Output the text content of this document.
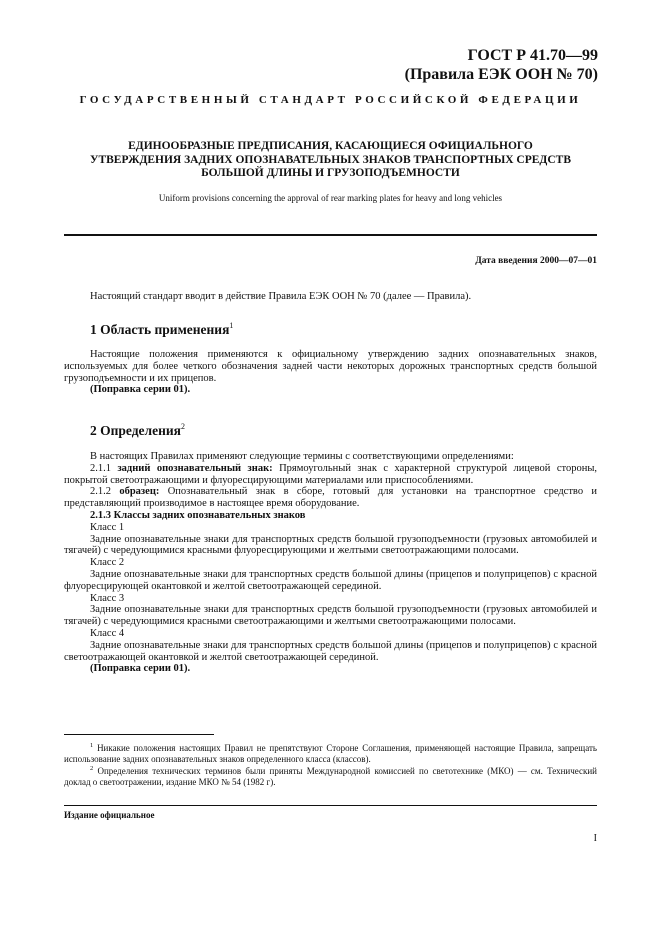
ГОСТ Р 41.70—99
(Правила ЕЭК ООН № 70)
ГОСУДАРСТВЕННЫЙ СТАНДАРТ РОССИЙСКОЙ ФЕДЕРАЦИИ
ЕДИНООБРАЗНЫЕ ПРЕДПИСАНИЯ, КАСАЮЩИЕСЯ ОФИЦИАЛЬНОГО
УТВЕРЖДЕНИЯ ЗАДНИХ ОПОЗНАВАТЕЛЬНЫХ ЗНАКОВ ТРАНСПОРТНЫХ СРЕДСТВ
БОЛЬШОЙ ДЛИНЫ И ГРУЗОПОДЪЕМНОСТИ
Uniform provisions concerning the approval of rear marking plates for heavy and long vehicles
Дата введения 2000—07—01

Настоящий стандарт вводит в действие Правила ЕЭК ООН № 70 (далее — Правила).

1 Область применения$^1$

Настоящие положения применяются к официальному утверждению задних опознавательных знаков, используемых для более четкого обозначения задней части некоторых дорожных транспортных средств большой грузоподъемности и их прицепов.

(Поправка серии 01).

2 Определения$^2$

В настоящих Правилах применяют следующие термины с соответствующими определениями:

2.1.1 задний опознавательный знак: Прямоугольный знак с характерной структурой лицевой стороны, покрытой светоотражающими и флуоресцирующими материалами или приспособлениями.

2.1.2 образец: Опознавательный знак в сборе, готовый для установки на транспортное средство и представляющий производимое в настоящее время оборудование.

2.1.3 Классы задних опознавательных знаков

Класс 1

Задние опознавательные знаки для транспортных средств большой грузоподъемности (грузовых автомобилей и тягачей) с чередующимися красными флуоресцирующими и желтыми светоотражающими полосами.

Класс 2

Задние опознавательные знаки для транспортных средств большой длины (прицепов и полуприцепов) с красной флуоресцирующей окантовкой и желтой светоотражающей серединой.

Класс 3

Задние опознавательные знаки для транспортных средств большой грузоподъемности (грузовых автомобилей и тягачей) с чередующимися красными светоотражающими и желтыми светоотражающими полосами.

Класс 4

Задние опознавательные знаки для транспортных средств большой длины (прицепов и полуприцепов) с красной светоотражающей окантовкой и желтой светоотражающей серединой.

(Поправка серии 01).

$^1$ Никакие положения настоящих Правил не препятствуют Стороне Соглашения, применяющей настоящие Правила, запрещать использование задних опознавательных знаков определенного класса (классов).

$^2$ Определения технических терминов были приняты Международной комиссией по светотехнике (МКО) — см. Технический доклад о светоотражении, издание МКО № 54 (1982 г).

Издание официальное
I
